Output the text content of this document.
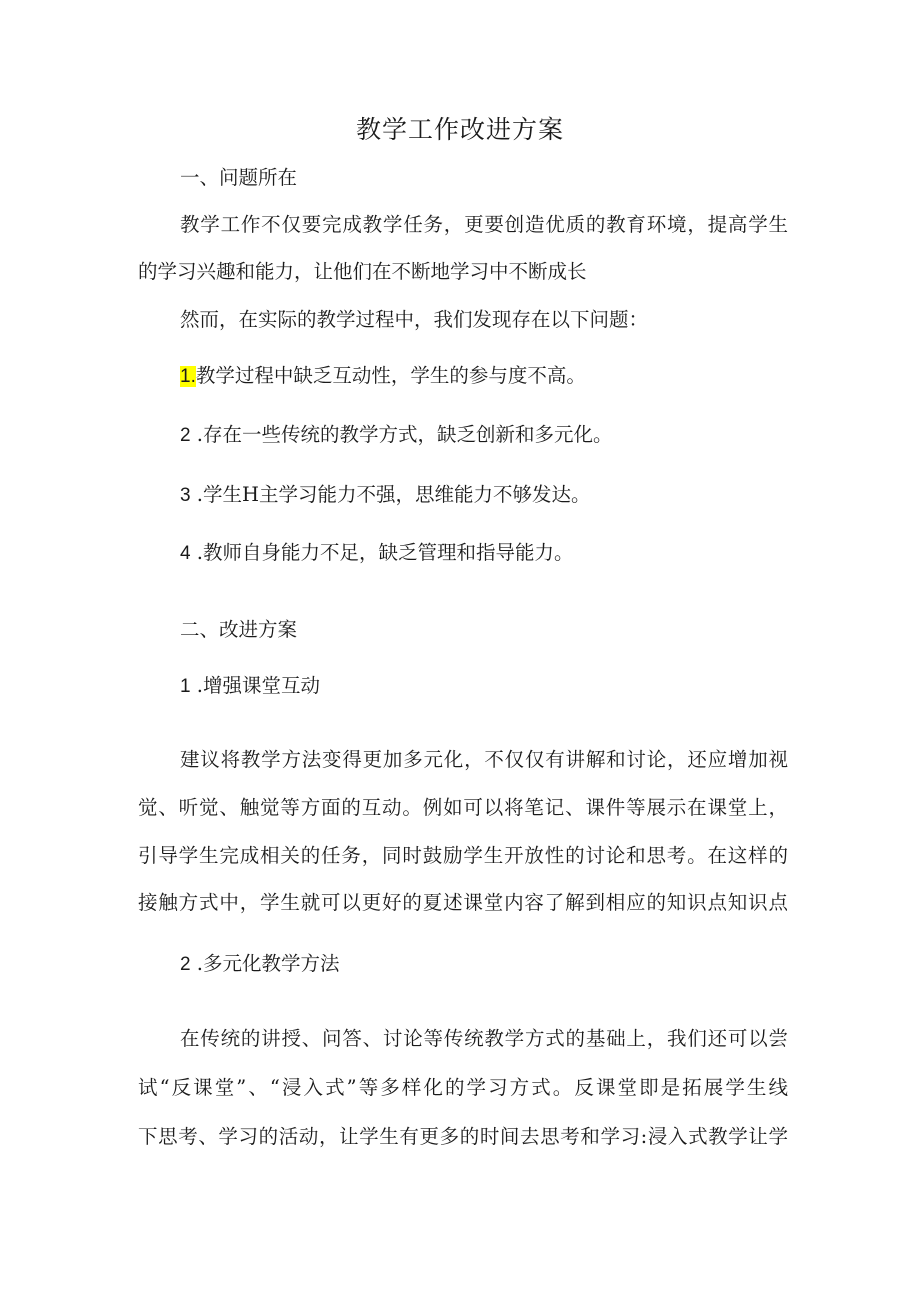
教学工作改进方案
一、问题所在
教学工作不仅要完成教学任务，更要创造优质的教育环境，提高学生
的学习兴趣和能力，让他们在不断地学习中不断成长
然而，在实际的教学过程中，我们发现存在以下问题：
1.教学过程中缺乏互动性，学生的参与度不高。
2 .存在一些传统的教学方式，缺乏创新和多元化。
3 .学生H主学习能力不强，思维能力不够发达。
4 .教师自身能力不足，缺乏管理和指导能力。
二、改进方案
1 .增强课堂互动
建议将教学方法变得更加多元化，不仅仅有讲解和讨论，还应增加视
觉、听觉、触觉等方面的互动。例如可以将笔记、课件等展示在课堂上，
引导学生完成相关的任务，同时鼓励学生开放性的讨论和思考。在这样的
接触方式中，学生就可以更好的夏述课堂内容了解到相应的知识点知识点
2 .多元化教学方法
在传统的讲授、问答、讨论等传统教学方式的基础上，我们还可以尝
试“反课堂”、“浸入式”等多样化的学习方式。反课堂即是拓展学生线
下思考、学习的活动，让学生有更多的时间去思考和学习:浸入式教学让学
